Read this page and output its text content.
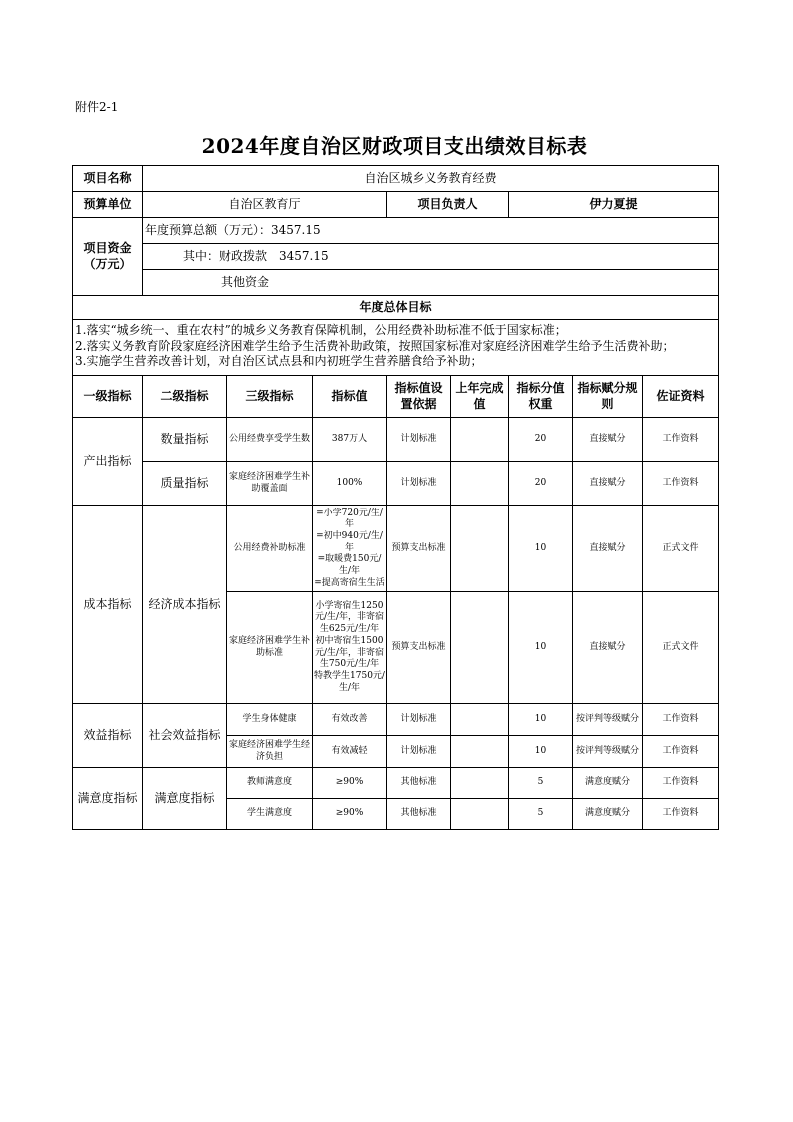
附件2-1
2024年度自治区财政项目支出绩效目标表
项目名称	自治区城乡义务教育经费							
预算单位	自治区教育厅			项目负责人		伊力夏提		
项目资金（万元）	年度预算总额（万元）：3457.15							
	其中：财政拨款　3457.15							
	其他资金							
年度总体目标								

1.落实“城乡统一、重在农村”的城乡义务教育保障机制，公用经费补助标准不低于国家标准；
2.落实义务教育阶段家庭经济困难学生给予生活费补助政策，按照国家标准对家庭经济困难学生给予生活费补助；
3.实施学生营养改善计划，对自治区试点县和内初班学生营养膳食给予补助；								

一级指标	二级指标	三级指标	指标值	指标值设置依据	上年完成值	指标分值权重	指标赋分规则	佐证资料
产出指标	数量指标	公用经费享受学生数	387万人	计划标准		20	直接赋分	工作资料
	质量指标	家庭经济困难学生补助覆盖面	100%	计划标准		20	直接赋分	工作资料
成本指标	经济成本指标	公用经费补助标准	=小学720元/生/年
=初中940元/生/年
=取暖费150元/生/年
=提高寄宿生生活	预算支出标准		10	直接赋分	正式文件
		家庭经济困难学生补助标准	小学寄宿生1250元/生/年，非寄宿生625元/生/年
初中寄宿生1500元/生/年，非寄宿生750元/生/年
特教学生1750元/生/年	预算支出标准		10	直接赋分	正式文件
效益指标	社会效益指标	学生身体健康	有效改善	计划标准		10	按评判等级赋分	工作资料
		家庭经济困难学生经济负担	有效减轻	计划标准		10	按评判等级赋分	工作资料
满意度指标	满意度指标	教师满意度	≥90%	其他标准		5	满意度赋分	工作资料
		学生满意度	≥90%	其他标准		5	满意度赋分	工作资料
